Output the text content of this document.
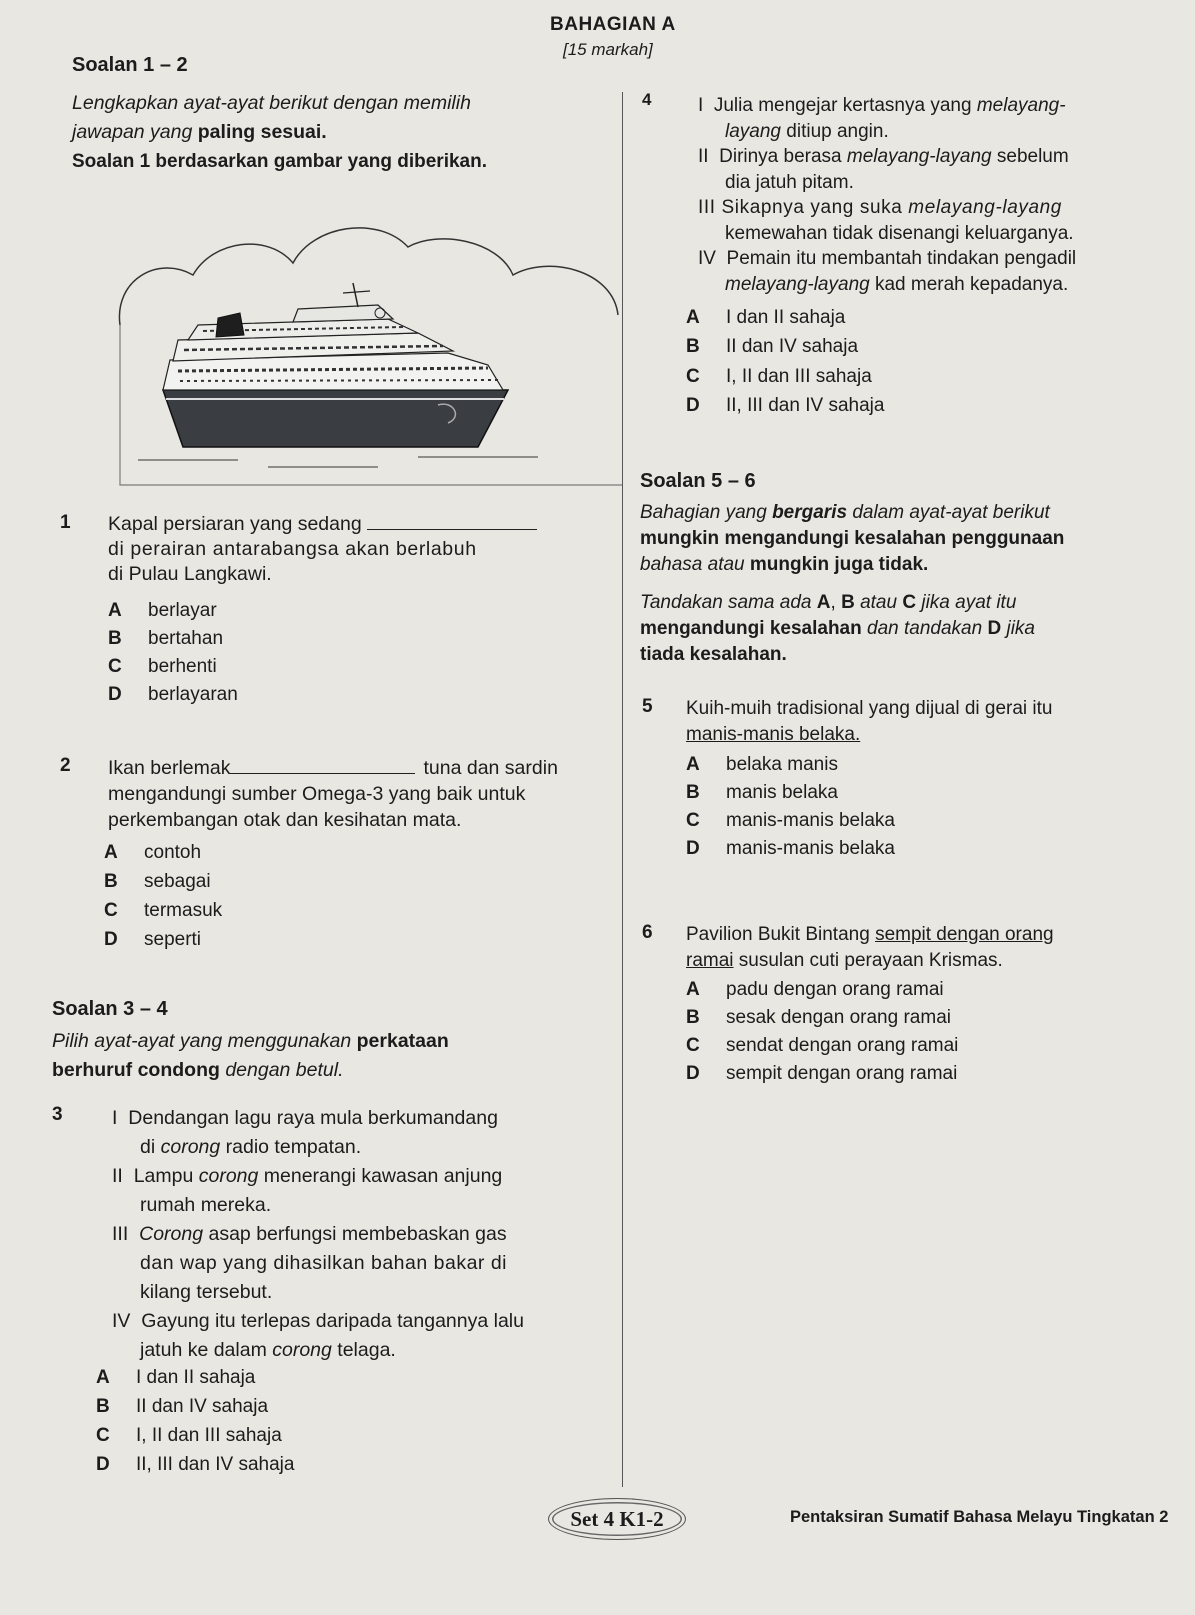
BAHAGIAN A
[15 markah]
Soalan 1 – 2
Lengkapkan ayat-ayat berikut dengan memilih
jawapan yang paling sesuai.
Soalan 1 berdasarkan gambar yang diberikan.
1 Kapal persiaran yang sedang
di perairan antarabangsa akan berlabuh
di Pulau Langkawi.
A berlayar
B bertahan
C berhenti
D berlayaran
2 Ikan berlemak	tuna dan sardin
mengandungi sumber Omega-3 yang baik untuk
perkembangan otak dan kesihatan mata.
A contoh
B sebagai
C termasuk
D seperti
Soalan 3 – 4
Pilih ayat-ayat yang menggunakan perkataan
berhuruf condong dengan betul.
3	I Dendangan lagu raya mula berkumandang
di corong radio tempatan.
II Lampu corong menerangi kawasan anjung
rumah mereka.
III Corong asap berfungsi membebaskan gas
dan wap yang dihasilkan bahan bakar di
kilang tersebut.
IV Gayung itu terlepas daripada tangannya lalu
jatuh ke dalam corong telaga.
A I dan II sahaja
B II dan IV sahaja
C I, II dan III sahaja
D II, III dan IV sahaja
4 I Julia mengejar kertasnya yang melayang-
layang ditiup angin.
II Dirinya berasa melayang-layang sebelum
dia jatuh pitam.
III Sikapnya yang suka melayang-layang
kemewahan tidak disenangi keluarganya.
IV Pemain itu membantah tindakan pengadil
melayang-layang kad merah kepadanya.
A I dan II sahaja
B II dan IV sahaja
C I, II dan III sahaja
D II, III dan IV sahaja
Soalan 5 – 6
Bahagian yang bergaris dalam ayat-ayat berikut
mungkin mengandungi kesalahan penggunaan
bahasa atau mungkin juga tidak.
Tandakan sama ada A, B atau C jika ayat itu
mengandungi kesalahan dan tandakan D jika
tiada kesalahan.
5 Kuih-muih tradisional yang dijual di gerai itu
manis-manis belaka.
A belaka manis
B manis belaka
C manis-manis belaka
D manis-manis belaka
6 Pavilion Bukit Bintang sempit dengan orang
ramai susulan cuti perayaan Krismas.
A padu dengan orang ramai
B sesak dengan orang ramai
C sendat dengan orang ramai
D sempit dengan orang ramai
Set 4 K1-2	Pentaksiran Sumatif Bahasa Melayu Tingkatan 2
